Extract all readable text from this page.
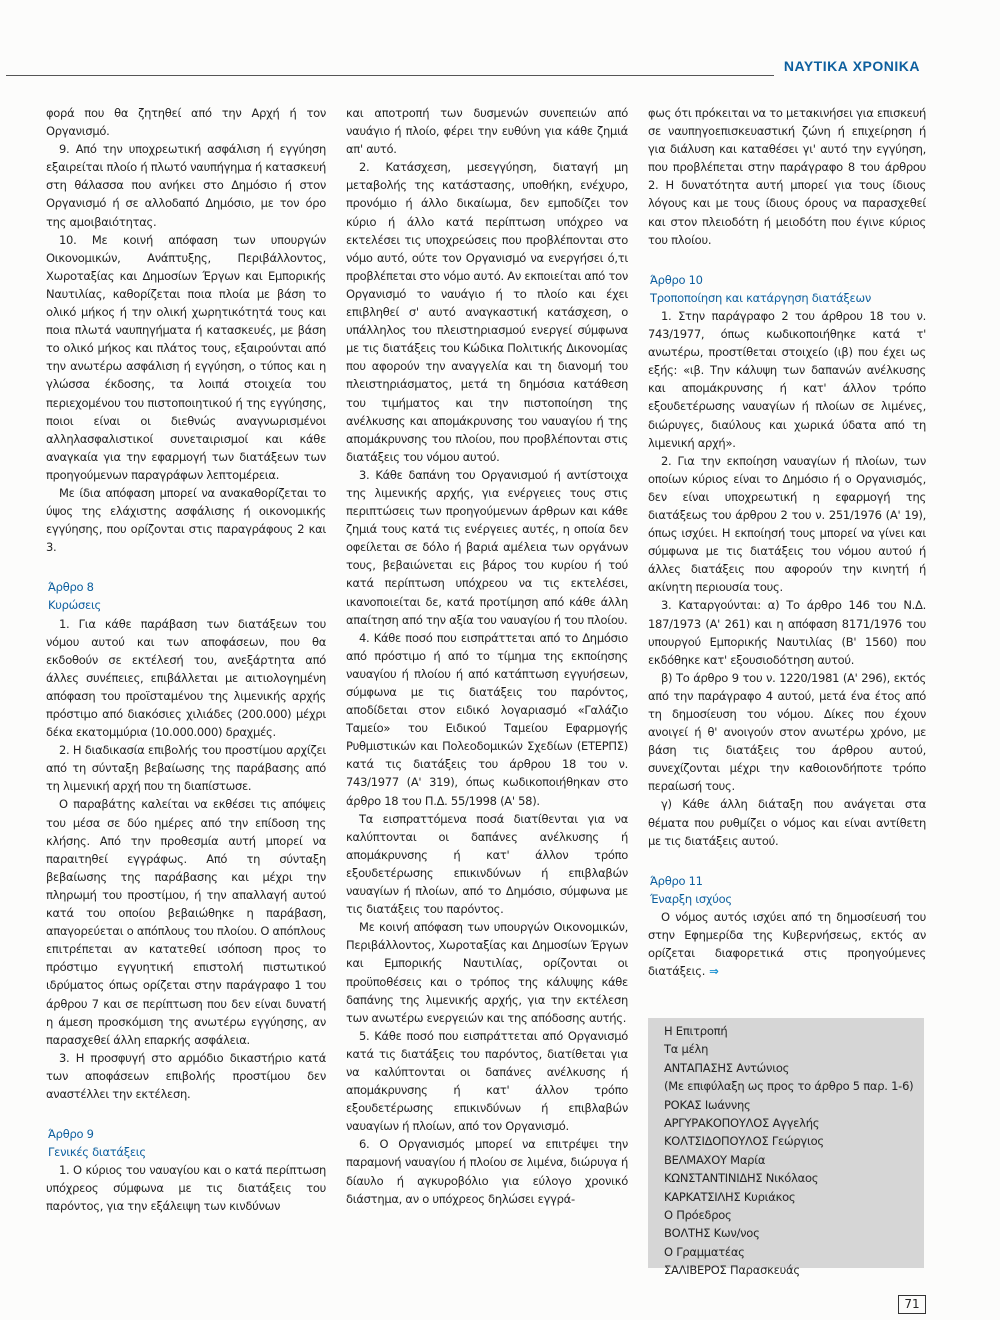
ΝΑΥΤΙΚΑ ΧΡΟΝΙΚΑ

φορά που θα ζητηθεί από την Αρχή ή τον Οργανισμό.

9. Από την υποχρεωτική ασφάλιση ή εγγύηση εξαιρείται πλοίο ή πλωτό ναυπήγημα ή κατασκευή στη θάλασσα που ανήκει στο Δημόσιο ή στον Οργανισμό ή σε αλλοδαπό Δημόσιο, με τον όρο της αμοιβαιότητας.

10. Με κοινή απόφαση των υπουργών Οικονομικών, Ανάπτυξης, Περιβάλλοντος, Χωροταξίας και Δημοσίων Έργων και Εμπορικής Ναυτιλίας, καθορίζεται ποια πλοία με βάση το ολικό μήκος ή την ολική χωρητικότητά τους και ποια πλωτά ναυπηγήματα ή κατασκευές, με βάση το ολικό μήκος και πλάτος τους, εξαιρούνται από την ανωτέρω ασφάλιση ή εγγύηση, ο τύπος και η γλώσσα έκδοσης, τα λοιπά στοιχεία του περιεχομένου του πιστοποιητικού ή της εγγύησης, ποιοι είναι οι διεθνώς αναγνωρισμένοι αλληλασφαλιστικοί συνεταιρισμοί και κάθε αναγκαία για την εφαρμογή των διατάξεων των προηγούμενων παραγράφων λεπτομέρεια.

Με ίδια απόφαση μπορεί να ανακαθορίζεται το ύψος της ελάχιστης ασφάλισης ή οικονομικής εγγύησης, που ορίζονται στις παραγράφους 2 και 3.

Άρθρο 8
Κυρώσεις

1. Για κάθε παράβαση των διατάξεων του νόμου αυτού και των αποφάσεων, που θα εκδοθούν σε εκτέλεσή του, ανεξάρτητα από άλλες συνέπειες, επιβάλλεται με αιτιολογημένη απόφαση του προϊσταμένου της λιμενικής αρχής πρόστιμο από διακόσιες χιλιάδες (200.000) μέχρι δέκα εκατομμύρια (10.000.000) δραχμές.

2. Η διαδικασία επιβολής του προστίμου αρχίζει από τη σύνταξη βεβαίωσης της παράβασης από τη λιμενική αρχή που τη διαπίστωσε.

Ο παραβάτης καλείται να εκθέσει τις απόψεις του μέσα σε δύο ημέρες από την επίδοση της κλήσης. Από την προθεσμία αυτή μπορεί να παραιτηθεί εγγράφως. Από τη σύνταξη βεβαίωσης της παράβασης και μέχρι την πληρωμή του προστίμου, ή την απαλλαγή αυτού κατά του οποίου βεβαιώθηκε η παράβαση, απαγορεύεται ο απόπλους του πλοίου. Ο απόπλους επιτρέπεται αν κατατεθεί ισόποση προς το πρόστιμο εγγυητική επιστολή πιστωτικού ιδρύματος όπως ορίζεται στην παράγραφο 1 του άρθρου 7 και σε περίπτωση που δεν είναι δυνατή η άμεση προσκόμιση της ανωτέρω εγγύησης, αν παρασχεθεί άλλη επαρκής ασφάλεια.

3. Η προσφυγή στο αρμόδιο δικαστήριο κατά των αποφάσεων επιβολής προστίμου δεν αναστέλλει την εκτέλεση.

Άρθρο 9
Γενικές διατάξεις

1. Ο κύριος του ναυαγίου και ο κατά περίπτωση υπόχρεος σύμφωνα με τις διατάξεις του παρόντος, για την εξάλειψη των κινδύνων

και αποτροπή των δυσμενών συνεπειών από ναυάγιο ή πλοίο, φέρει την ευθύνη για κάθε ζημιά απ' αυτό.

2. Κατάσχεση, μεσεγγύηση, διαταγή μη μεταβολής της κατάστασης, υποθήκη, ενέχυρο, προνόμιο ή άλλο δικαίωμα, δεν εμποδίζει τον κύριο ή άλλο κατά περίπτωση υπόχρεο να εκτελέσει τις υποχρεώσεις που προβλέπονται στο νόμο αυτό, ούτε τον Οργανισμό να ενεργήσει ό,τι προβλέπεται στο νόμο αυτό. Αν εκποιείται από τον Οργανισμό το ναυάγιο ή το πλοίο και έχει επιβληθεί σ' αυτό αναγκαστική κατάσχεση, ο υπάλληλος του πλειστηριασμού ενεργεί σύμφωνα με τις διατάξεις του Κώδικα Πολιτικής Δικονομίας που αφορούν την αναγγελία και τη διανομή του πλειστηριάσματος, μετά τη δημόσια κατάθεση του τιμήματος και την πιστοποίηση της ανέλκυσης και απομάκρυνσης του ναυαγίου ή της απομάκρυνσης του πλοίου, που προβλέπονται στις διατάξεις του νόμου αυτού.

3. Κάθε δαπάνη του Οργανισμού ή αντίστοιχα της λιμενικής αρχής, για ενέργειες τους στις περιπτώσεις των προηγούμενων άρθρων και κάθε ζημιά τους κατά τις ενέργειες αυτές, η οποία δεν οφείλεται σε δόλο ή βαριά αμέλεια των οργάνων τους, βεβαιώνεται εις βάρος του κυρίου ή τού κατά περίπτωση υπόχρεου να τις εκτελέσει, ικανοποιείται δε, κατά προτίμηση από κάθε άλλη απαίτηση από την αξία του ναυαγίου ή του πλοίου.

4. Κάθε ποσό που εισπράττεται από το Δημόσιο από πρόστιμο ή από το τίμημα της εκποίησης ναυαγίου ή πλοίου ή από κατάπτωση εγγυήσεων, σύμφωνα με τις διατάξεις του παρόντος, αποδίδεται στον ειδικό λογαριασμό «Γαλάζιο Ταμείο» του Ειδικού Ταμείου Εφαρμογής Ρυθμιστικών και Πολεοδομικών Σχεδίων (ΕΤΕΡΠΣ) κατά τις διατάξεις του άρθρου 18 του ν. 743/1977 (Α' 319), όπως κωδικοποιήθηκαν στο άρθρο 18 του Π.Δ. 55/1998 (Α' 58).

Τα εισπραττόμενα ποσά διατίθενται για να καλύπτονται οι δαπάνες ανέλκυσης ή απομάκρυνσης ή κατ' άλλον τρόπο εξουδετέρωσης επικινδύνων ή επιβλαβών ναυαγίων ή πλοίων, από το Δημόσιο, σύμφωνα με τις διατάξεις του παρόντος.

Με κοινή απόφαση των υπουργών Οικονομικών, Περιβάλλοντος, Χωροταξίας και Δημοσίων Έργων και Εμπορικής Ναυτιλίας, ορίζονται οι προϋποθέσεις και ο τρόπος της κάλυψης κάθε δαπάνης της λιμενικής αρχής, για την εκτέλεση των ανωτέρω ενεργειών και της απόδοσης αυτής.

5. Κάθε ποσό που εισπράττεται από Οργανισμό κατά τις διατάξεις του παρόντος, διατίθεται για να καλύπτονται οι δαπάνες ανέλκυσης ή απομάκρυνσης ή κατ' άλλον τρόπο εξουδετέρωσης επικινδύνων ή επιβλαβών ναυαγίων ή πλοίων, από τον Οργανισμό.

6. Ο Οργανισμός μπορεί να επιτρέψει την παραμονή ναυαγίου ή πλοίου σε λιμένα, διώρυγα ή δίαυλο ή αγκυροβόλιο για εύλογο χρονικό διάστημα, αν ο υπόχρεος δηλώσει εγγρά-

φως ότι πρόκειται να το μετακινήσει για επισκευή σε ναυπηγοεπισκευαστική ζώνη ή επιχείρηση ή για διάλυση και καταθέσει γι' αυτό την εγγύηση, που προβλέπεται στην παράγραφο 8 του άρθρου 2. Η δυνατότητα αυτή μπορεί για τους ίδιους λόγους και με τους ίδιους όρους να παρασχεθεί και στον πλειοδότη ή μειοδότη που έγινε κύριος του πλοίου.

Άρθρο 10
Τροποποίηση και κατάργηση διατάξεων

1. Στην παράγραφο 2 του άρθρου 18 του ν. 743/1977, όπως κωδικοποιήθηκε κατά τ' ανωτέρω, προστίθεται στοιχείο (ιβ) που έχει ως εξής: «ιβ. Την κάλυψη των δαπανών ανέλκυσης και απομάκρυνσης ή κατ' άλλον τρόπο εξουδετέρωσης ναυαγίων ή πλοίων σε λιμένες, διώρυγες, διαύλους και χωρικά ύδατα από τη λιμενική αρχή».

2. Για την εκποίηση ναυαγίων ή πλοίων, των οποίων κύριος είναι το Δημόσιο ή ο Οργανισμός, δεν είναι υποχρεωτική η εφαρμογή της διατάξεως του άρθρου 2 του ν. 251/1976 (Α' 19), όπως ισχύει. Η εκποίησή τους μπορεί να γίνει και σύμφωνα με τις διατάξεις του νόμου αυτού ή άλλες διατάξεις που αφορούν την κινητή ή ακίνητη περιουσία τους.

3. Καταργούνται: α) Το άρθρο 146 του Ν.Δ. 187/1973 (Α' 261) και η απόφαση 8171/1976 του υπουργού Εμπορικής Ναυτιλίας (Β' 1560) που εκδόθηκε κατ' εξουσιοδότηση αυτού.

β) Το άρθρο 9 του ν. 1220/1981 (Α' 296), εκτός από την παράγραφο 4 αυτού, μετά ένα έτος από τη δημοσίευση του νόμου. Δίκες που έχουν ανοιγεί ή θ' ανοιγούν στον ανωτέρω χρόνο, με βάση τις διατάξεις του άρθρου αυτού, συνεχίζονται μέχρι την καθοιονδήποτε τρόπο περαίωσή τους.

γ) Κάθε άλλη διάταξη που ανάγεται στα θέματα που ρυθμίζει ο νόμος και είναι αντίθετη με τις διατάξεις αυτού.

Άρθρο 11
Έναρξη ισχύος

Ο νόμος αυτός ισχύει από τη δημοσίευσή του στην Εφημερίδα της Κυβερνήσεως, εκτός αν ορίζεται διαφορετικά στις προηγούμενες διατάξεις. ⇒

Η Επιτροπή
Τα μέλη
ΑΝΤΑΠΑΣΗΣ Αντώνιος
(Με επιφύλαξη ως προς το άρθρο 5 παρ. 1-6)
ΡΟΚΑΣ Ιωάννης
ΑΡΓΥΡΑΚΟΠΟΥΛΟΣ Αγγελής
ΚΟΛΤΣΙΔΟΠΟΥΛΟΣ Γεώργιος
ΒΕΛΜΑΧΟΥ Μαρία
ΚΩΝΣΤΑΝΤΙΝΙΔΗΣ Νικόλαος
ΚΑΡΚΑΤΣΙΛΗΣ Κυριάκος
Ο Πρόεδρος
ΒΟΛΤΗΣ Κων/νος
Ο Γραμματέας
ΣΑΛΙΒΕΡΟΣ Παρασκευάς
71
